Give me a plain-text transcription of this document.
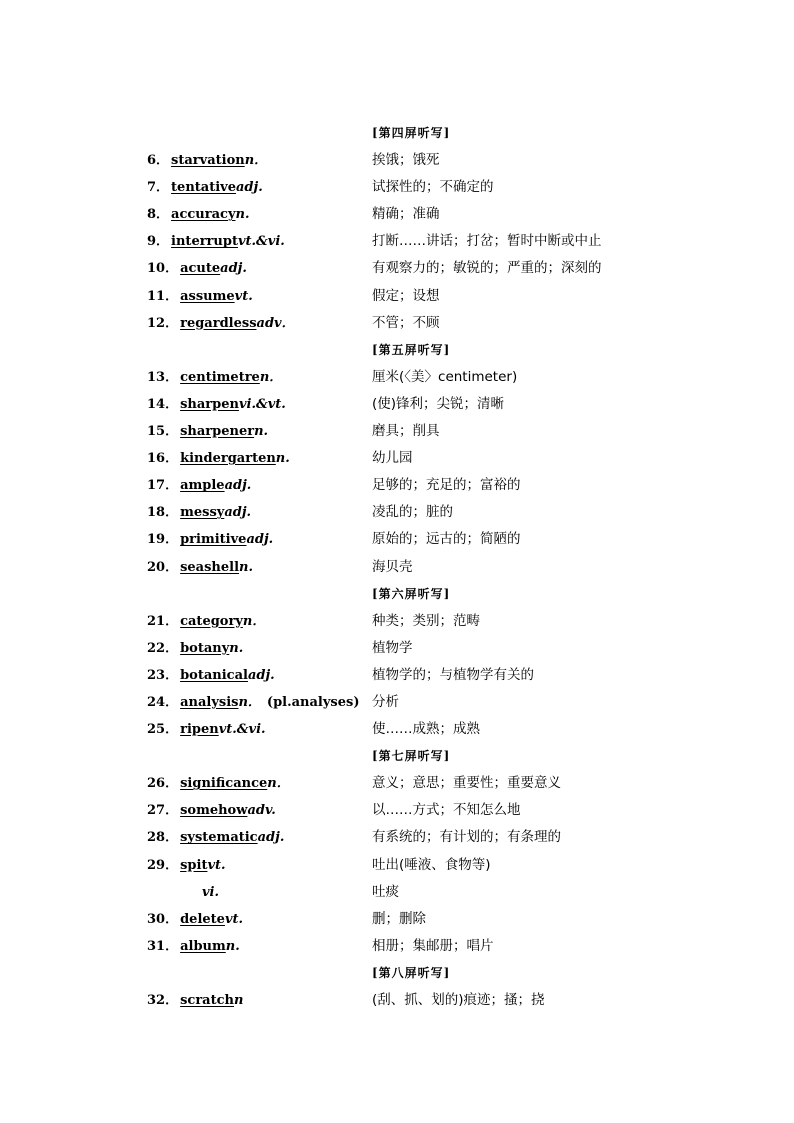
[第四屏听写]
6． starvationn．	挨饿；饿死
7． tentativeadj.	试探性的；不确定的
8． accuracyn.	精确；准确
9． interruptvt.&vi.	打断……讲话；打岔；暂时中断或中止
10． acuteadj.	有观察力的；敏锐的；严重的；深刻的
11． assumevt.	假定；设想
12． regardlessadv．	不管；不顾
[第五屏听写]
13． centimetren．	厘米(〈美〉centimeter)
14． sharpenvi.&vt.	(使)锋利；尖锐；清晰
15． sharpenern.	磨具；削具
16． kindergartenn.	幼儿园
17． ampleadj.	足够的；充足的；富裕的
18． messyadj.	凌乱的；脏的
19． primitiveadj.	原始的；远古的；简陋的
20． seashelln.	海贝壳
[第六屏听写]
21． categoryn．	种类；类别；范畴
22． botanyn.	植物学
23． botanicaladj.	植物学的；与植物学有关的
24． analysisn． (pl.analyses) 分析
25． ripenvt.&vi.	使……成熟；成熟
[第七屏听写]
26． significancen．	意义；意思；重要性；重要意义
27． somehowadv.	以……方式；不知怎么地
28． systematicadj.	有系统的；有计划的；有条理的
29． spitvt.	吐出(唾液、食物等)
vi.	吐痰
30． deletevt.	删；删除
31． albumn.	相册；集邮册；唱片
[第八屏听写]
32． scratchn	(刮、抓、划的)痕迹；搔；挠
